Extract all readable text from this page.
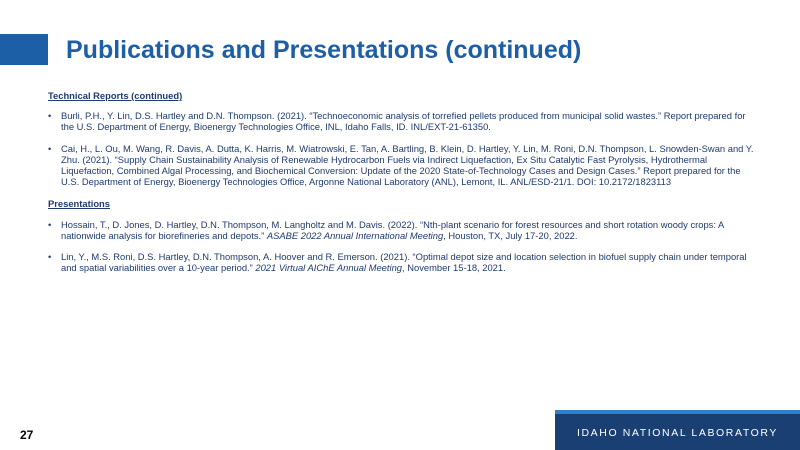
Publications and Presentations (continued)
Technical Reports (continued)
• Burli, P.H., Y. Lin, D.S. Hartley and D.N. Thompson. (2021). “Technoeconomic analysis of torrefied pellets produced from municipal solid wastes.” Report prepared for the U.S. Department of Energy, Bioenergy Technologies Office, INL, Idaho Falls, ID. INL/EXT-21-61350.
• Cai, H., L. Ou, M. Wang, R. Davis, A. Dutta, K. Harris, M. Wiatrowski, E. Tan, A. Bartling, B. Klein, D. Hartley, Y. Lin, M. Roni, D.N. Thompson, L. Snowden-Swan and Y. Zhu. (2021). “Supply Chain Sustainability Analysis of Renewable Hydrocarbon Fuels via Indirect Liquefaction, Ex Situ Catalytic Fast Pyrolysis, Hydrothermal Liquefaction, Combined Algal Processing, and Biochemical Conversion: Update of the 2020 State-of-Technology Cases and Design Cases.” Report prepared for the U.S. Department of Energy, Bioenergy Technologies Office, Argonne National Laboratory (ANL), Lemont, IL. ANL/ESD-21/1. DOI: 10.2172/1823113
Presentations
• Hossain, T., D. Jones, D. Hartley, D.N. Thompson, M. Langholtz and M. Davis. (2022). “Nth-plant scenario for forest resources and short rotation woody crops: A nationwide analysis for biorefineries and depots.” ASABE 2022 Annual International Meeting, Houston, TX, July 17-20, 2022.
• Lin, Y., M.S. Roni, D.S. Hartley, D.N. Thompson, A. Hoover and R. Emerson. (2021). “Optimal depot size and location selection in biofuel supply chain under temporal and spatial variabilities over a 10-year period.” 2021 Virtual AIChE Annual Meeting, November 15-18, 2021.
27	IDAHO NATIONAL LABORATORY
